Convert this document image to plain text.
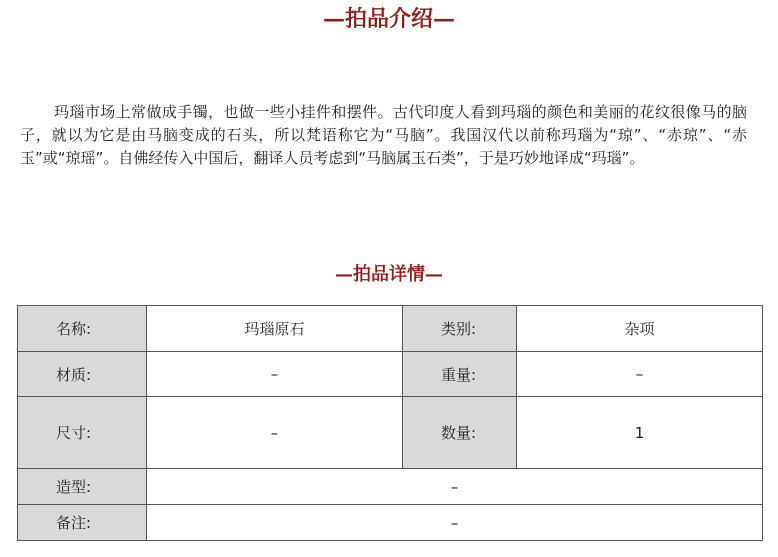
—拍品介绍—

玛瑙市场上常做成手镯，也做一些小挂件和摆件。古代印度人看到玛瑙的颜色和美丽的花纹很像马的脑子，就以为它是由马脑变成的石头，所以梵语称它为“马脑”。我国汉代以前称玛瑙为“琼”、“赤琼”、“赤玉”或“琼瑶”。自佛经传入中国后，翻译人员考虑到“马脑属玉石类”，于是巧妙地译成“玛瑙”。

—拍品详情—
名称:	玛瑙原石	类别:	杂项
材质:	–	重量:	–
尺寸:	–	数量:	1
造型:	–		
备注:	–		
